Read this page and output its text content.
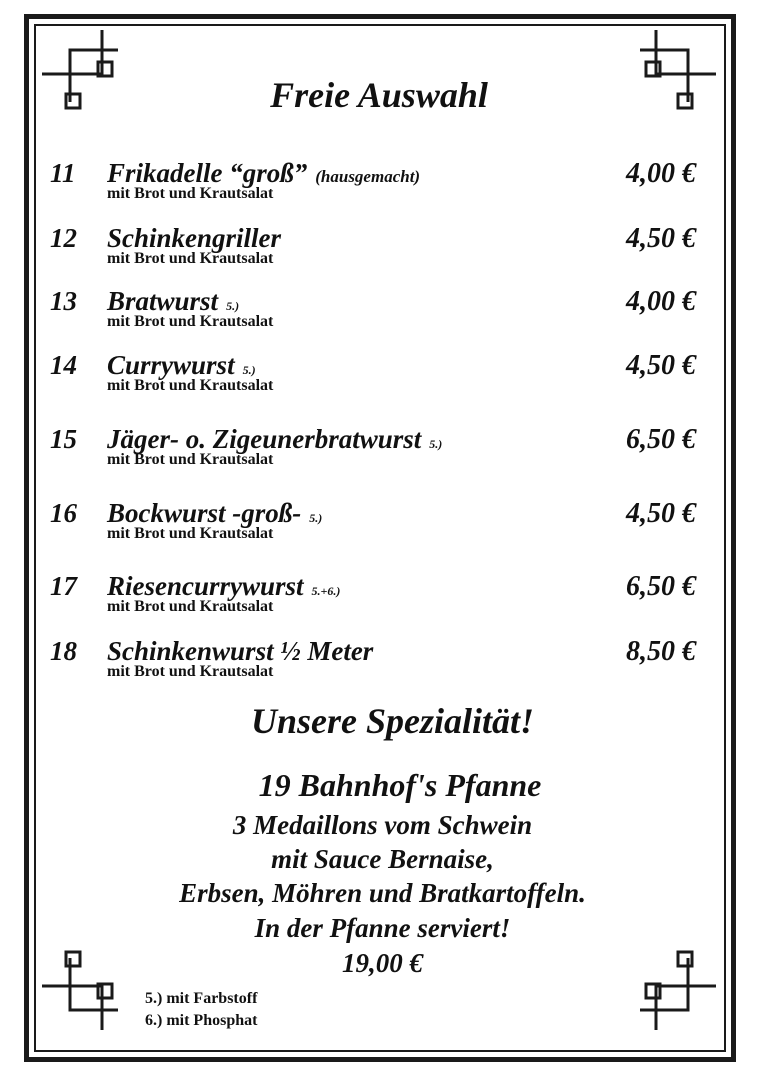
Freie Auswahl
11 Frikadelle “groß” (hausgemacht)
mit Brot und Krautsalat
4,00 €
12 Schinkengriller
mit Brot und Krautsalat
4,50 €
13 Bratwurst 5.)
mit Brot und Krautsalat
4,00 €
14 Currywurst 5.)
mit Brot und Krautsalat
4,50 €
15 Jäger- o. Zigeunerbratwurst 5.)
mit Brot und Krautsalat
6,50 €
16 Bockwurst -groß- 5.)
mit Brot und Krautsalat
4,50 €
17 Riesencurrywurst 5.+6.)
mit Brot und Krautsalat
6,50 €
18 Schinkenwurst ½ Meter
mit Brot und Krautsalat
8,50 €
Unsere Spezialität!
19 Bahnhof's Pfanne
3 Medaillons vom Schwein
mit Sauce Bernaise,
Erbsen, Möhren und Bratkartoffeln.
In der Pfanne serviert!
19,00 €
5.) mit Farbstoff
6.) mit Phosphat
